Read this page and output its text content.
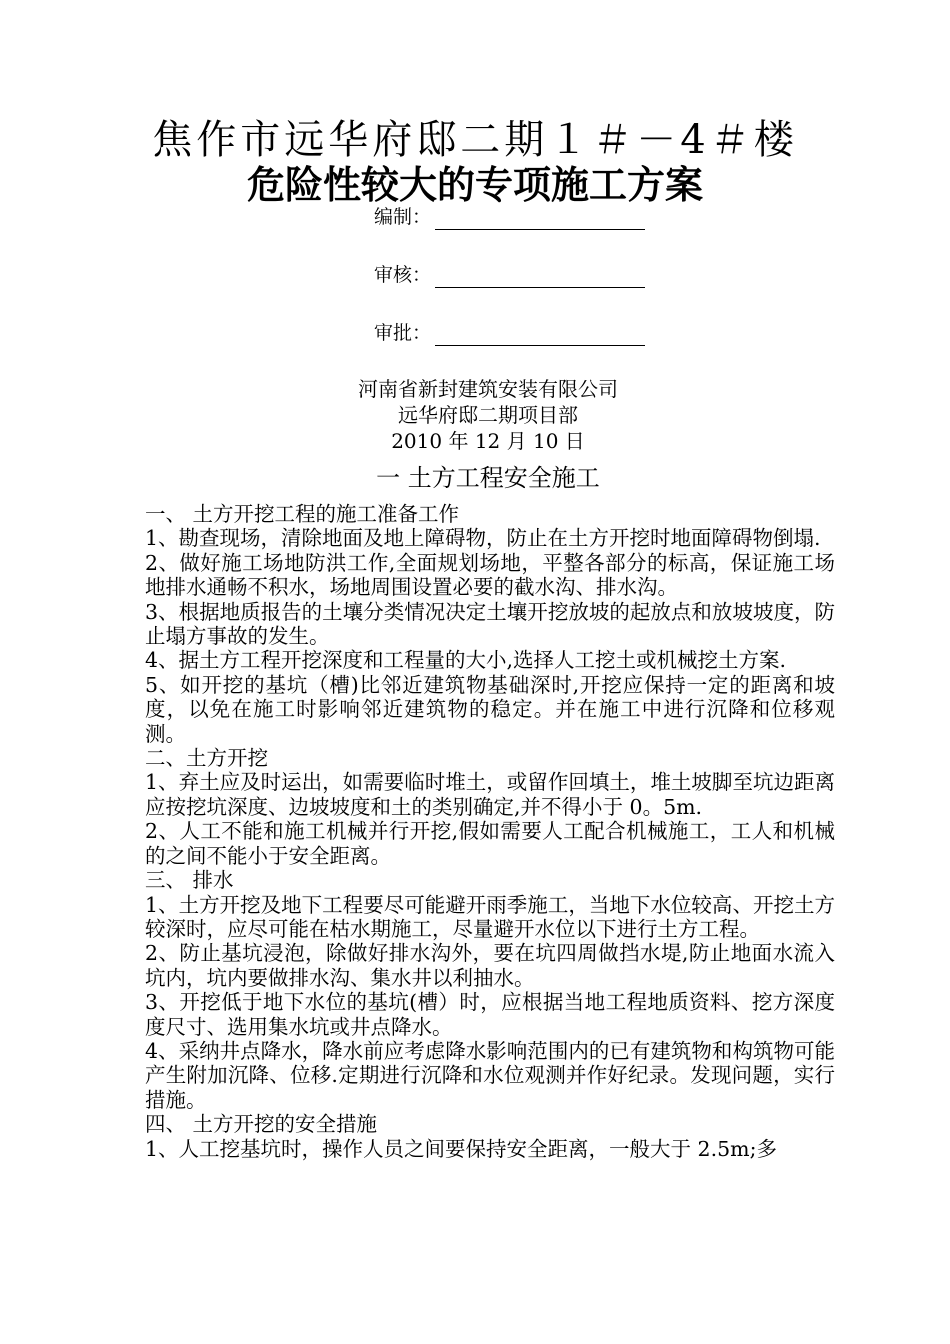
焦作市远华府邸二期１＃－4＃楼
危险性较大的专项施工方案
编制：
审核：
审批：
河南省新封建筑安装有限公司
远华府邸二期项目部
2010 年 12 月 10 日
一 土方工程安全施工

一、 土方开挖工程的施工准备工作

1、勘查现场，清除地面及地上障碍物，防止在土方开挖时地面障碍物倒塌.

2、做好施工场地防洪工作,全面规划场地，平整各部分的标高，保证施工场地排水通畅不积水，场地周围设置必要的截水沟、排水沟。

3、根据地质报告的土壤分类情况决定土壤开挖放坡的起放点和放坡坡度，防止塌方事故的发生。

4、据土方工程开挖深度和工程量的大小,选择人工挖土或机械挖土方案.

5、如开挖的基坑（槽)比邻近建筑物基础深时,开挖应保持一定的距离和坡度，以免在施工时影响邻近建筑物的稳定。并在施工中进行沉降和位移观测。

二、土方开挖

1、弃土应及时运出，如需要临时堆土，或留作回填土，堆土坡脚至坑边距离应按挖坑深度、边坡坡度和土的类别确定,并不得小于 0。5m.

2、人工不能和施工机械并行开挖,假如需要人工配合机械施工，工人和机械的之间不能小于安全距离。

三、 排水

1、土方开挖及地下工程要尽可能避开雨季施工，当地下水位较高、开挖土方较深时，应尽可能在枯水期施工，尽量避开水位以下进行土方工程。

2、防止基坑浸泡，除做好排水沟外，要在坑四周做挡水堤,防止地面水流入坑内，坑内要做排水沟、集水井以利抽水。

3、开挖低于地下水位的基坑(槽）时，应根据当地工程地质资料、挖方深度度尺寸、选用集水坑或井点降水。

4、采纳井点降水，降水前应考虑降水影响范围内的已有建筑物和构筑物可能产生附加沉降、位移.定期进行沉降和水位观测并作好纪录。发现问题，实行措施。

四、 土方开挖的安全措施

1、人工挖基坑时，操作人员之间要保持安全距离，一般大于 2.5m;多
